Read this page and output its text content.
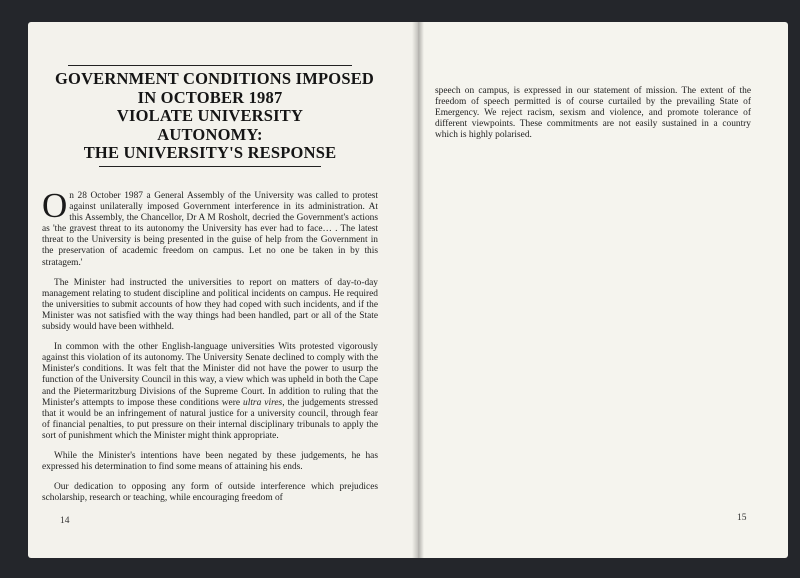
GOVERNMENT CONDITIONS IMPOSED
IN OCTOBER 1987
VIOLATE UNIVERSITY
AUTONOMY:
THE UNIVERSITY'S RESPONSE

On 28 October 1987 a General Assembly of the University was called to protest against unilaterally imposed Government interference in its administration. At this Assembly, the Chancellor, Dr A M Rosholt, decried the Government's actions as 'the gravest threat to its autonomy the University has ever had to face… . The latest threat to the University is being presented in the guise of help from the Government in the preservation of academic freedom on campus. Let no one be taken in by this stratagem.'

The Minister had instructed the universities to report on matters of day-to-day management relating to student discipline and political incidents on campus. He required the universities to submit accounts of how they had coped with such incidents, and if the Minister was not satisfied with the way things had been handled, part or all of the State subsidy would have been withheld.

In common with the other English-language universities Wits protested vigorously against this violation of its autonomy. The University Senate declined to comply with the Minister's conditions. It was felt that the Minister did not have the power to usurp the function of the University Council in this way, a view which was upheld in both the Cape and the Pietermaritzburg Divisions of the Supreme Court. In addition to ruling that the Minister's attempts to impose these conditions were ultra vires, the judgements stressed that it would be an infringement of natural justice for a university council, through fear of financial penalties, to put pressure on their internal disciplinary tribunals to apply the sort of punishment which the Minister might think appropriate.

While the Minister's intentions have been negated by these judgements, he has expressed his determination to find some means of attaining his ends.

Our dedication to opposing any form of outside interference which prejudices scholarship, research or teaching, while encouraging freedom of

14

speech on campus, is expressed in our statement of mission. The extent of the freedom of speech permitted is of course curtailed by the prevailing State of Emergency. We reject racism, sexism and violence, and promote tolerance of different viewpoints. These commitments are not easily sustained in a country which is highly polarised.

15
